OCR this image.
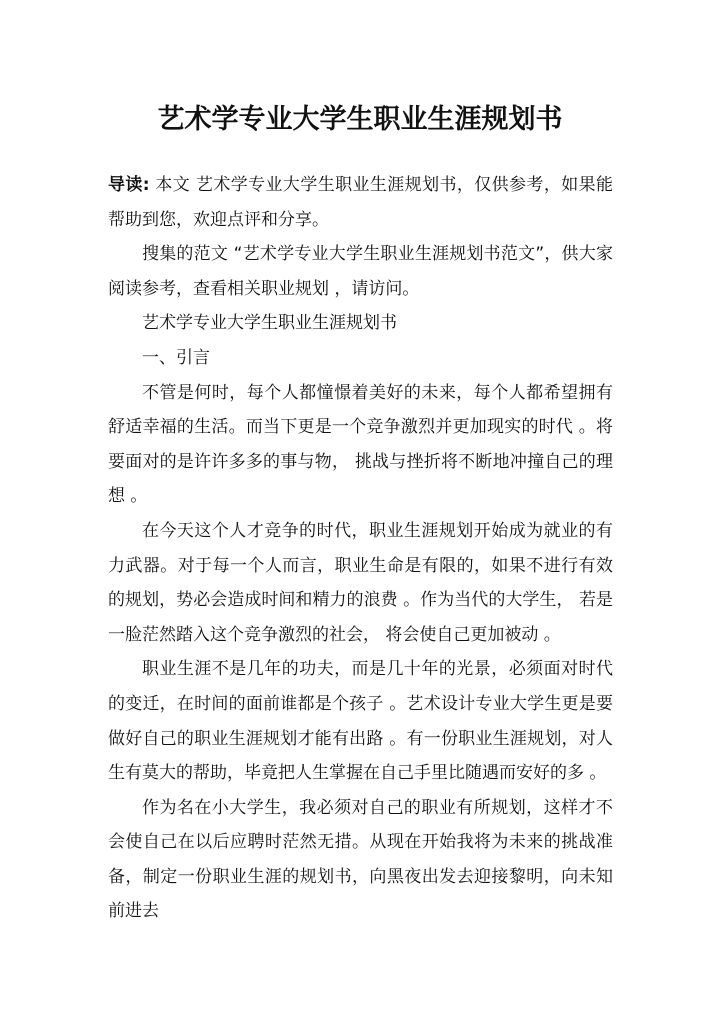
艺术学专业大学生职业生涯规划书

导读: 本文 艺术学专业大学生职业生涯规划书，仅供参考，如果能帮助到您，欢迎点评和分享。

搜集的范文 “艺术学专业大学生职业生涯规划书范文”，供大家阅读参考，查看相关职业规划 ，请访问。

艺术学专业大学生职业生涯规划书

一、引言

不管是何时，每个人都憧憬着美好的未来，每个人都希望拥有舒适幸福的生活。而当下更是一个竞争激烈并更加现实的时代 。将要面对的是许许多多的事与物， 挑战与挫折将不断地冲撞自己的理想 。

在今天这个人才竞争的时代，职业生涯规划开始成为就业的有力武器。对于每一个人而言，职业生命是有限的，如果不进行有效的规划，势必会造成时间和精力的浪费 。作为当代的大学生， 若是一脸茫然踏入这个竞争激烈的社会， 将会使自己更加被动 。

职业生涯不是几年的功夫，而是几十年的光景，必须面对时代的变迁，在时间的面前谁都是个孩子 。艺术设计专业大学生更是要做好自己的职业生涯规划才能有出路 。有一份职业生涯规划，对人生有莫大的帮助，毕竟把人生掌握在自己手里比随遇而安好的多 。

作为名在小大学生，我必须对自己的职业有所规划，这样才不会使自己在以后应聘时茫然无措。从现在开始我将为未来的挑战准备，制定一份职业生涯的规划书，向黑夜出发去迎接黎明，向未知前进去
